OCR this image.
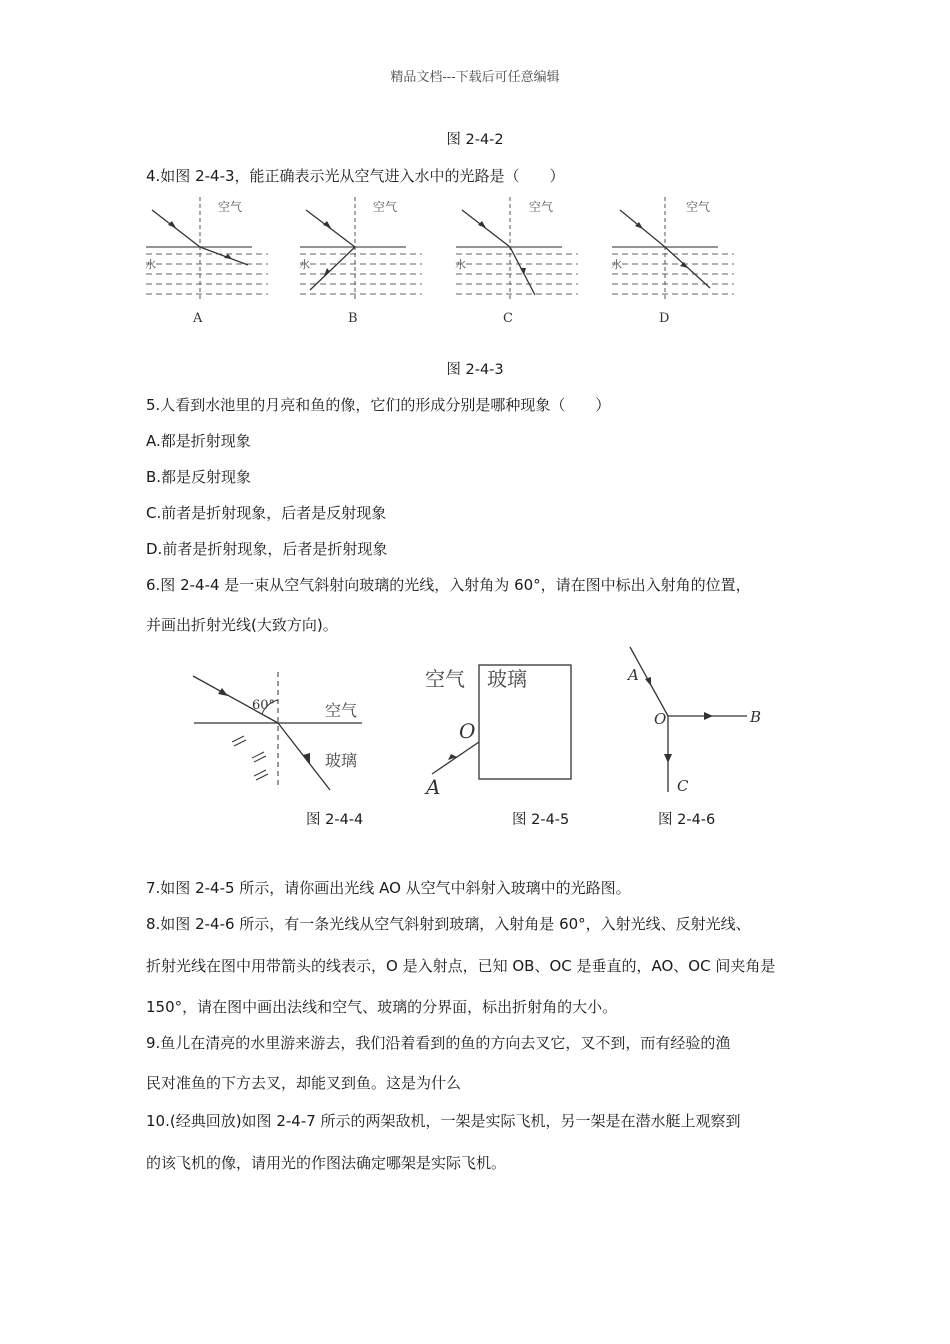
精品文档---下载后可任意编辑
图 2-4-2
4.如图 2-4-3，能正确表示光从空气进入水中的光路是（　　）
空气
水
A
空气
水
B
空气
水
C
空气
水
D
图 2-4-3
5.人看到水池里的月亮和鱼的像，它们的形成分别是哪种现象（　　）
A.都是折射现象
B.都是反射现象
C.前者是折射现象，后者是反射现象
D.前者是折射现象，后者是折射现象
6.图 2-4-4 是一束从空气斜射向玻璃的光线，入射角为 60°，请在图中标出入射角的位置，
并画出折射光线(大致方向)。
60°	空气
玻璃
空气 玻璃
O
A
A
O	B
C
图 2-4-4	图 2-4-5	图 2-4-6
7.如图 2-4-5 所示，请你画出光线 AO 从空气中斜射入玻璃中的光路图。
8.如图 2-4-6 所示，有一条光线从空气斜射到玻璃，入射角是 60°，入射光线、反射光线、
折射光线在图中用带箭头的线表示，O 是入射点，已知 OB、OC 是垂直的，AO、OC 间夹角是
150°，请在图中画出法线和空气、玻璃的分界面，标出折射角的大小。
9.鱼儿在清亮的水里游来游去，我们沿着看到的鱼的方向去叉它，叉不到，而有经验的渔
民对准鱼的下方去叉，却能叉到鱼。这是为什么
10.(经典回放)如图 2-4-7 所示的两架敌机，一架是实际飞机，另一架是在潜水艇上观察到
的该飞机的像，请用光的作图法确定哪架是实际飞机。
